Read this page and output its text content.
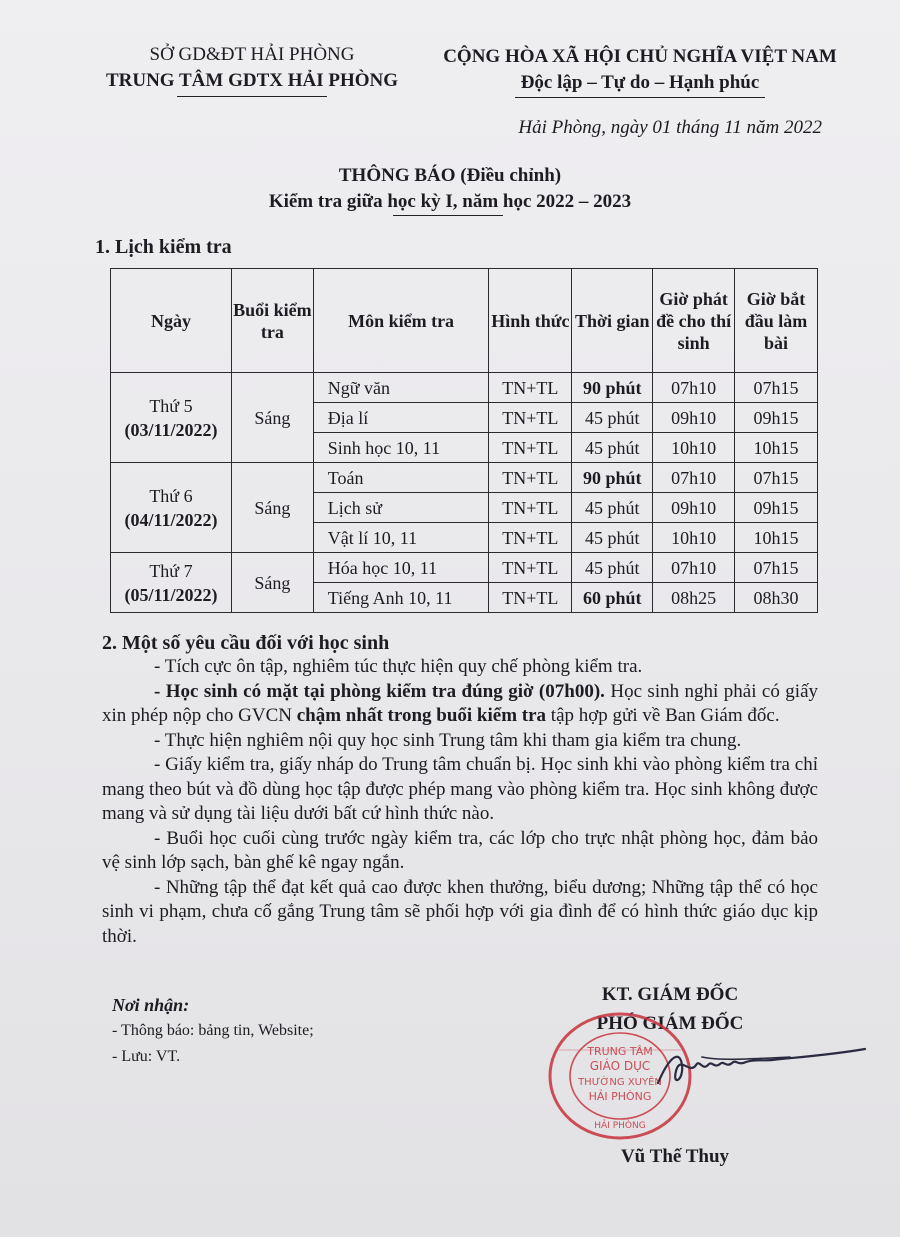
SỞ GD&ĐT HẢI PHÒNG
TRUNG TÂM GDTX HẢI PHÒNG
CỘNG HÒA XÃ HỘI CHỦ NGHĨA VIỆT NAM
Độc lập – Tự do – Hạnh phúc
Hải Phòng, ngày 01 tháng 11 năm 2022
THÔNG BÁO (Điều chỉnh)
Kiểm tra giữa học kỳ I, năm học 2022 – 2023
1. Lịch kiểm tra
Ngày	Buổi kiểm tra	Môn kiểm tra	Hình thức	Thời gian	Giờ phát đề cho thí sinh	Giờ bắt đầu làm bài

Thứ 5
(03/11/2022)	Sáng	Ngữ văn	TN+TL	90 phút	07h10	07h15
		Địa lí	TN+TL	45 phút	09h10	09h15
		Sinh học 10, 11	TN+TL	45 phút	10h10	10h15

Thứ 6
(04/11/2022)	Sáng	Toán	TN+TL	90 phút	07h10	07h15
		Lịch sử	TN+TL	45 phút	09h10	09h15
		Vật lí 10, 11	TN+TL	45 phút	10h10	10h15

Thứ 7
(05/11/2022)	Sáng	Hóa học 10, 11	TN+TL	45 phút	07h10	07h15
		Tiếng Anh 10, 11	TN+TL	60 phút	08h25	08h30
2. Một số yêu cầu đối với học sinh

- Tích cực ôn tập, nghiêm túc thực hiện quy chế phòng kiểm tra.

- Học sinh có mặt tại phòng kiểm tra đúng giờ (07h00). Học sinh nghỉ phải có giấy xin phép nộp cho GVCN chậm nhất trong buổi kiểm tra tập hợp gửi về Ban Giám đốc.

- Thực hiện nghiêm nội quy học sinh Trung tâm khi tham gia kiểm tra chung.

- Giấy kiểm tra, giấy nháp do Trung tâm chuẩn bị. Học sinh khi vào phòng kiểm tra chỉ mang theo bút và đồ dùng học tập được phép mang vào phòng kiểm tra. Học sinh không được mang và sử dụng tài liệu dưới bất cứ hình thức nào.

- Buổi học cuối cùng trước ngày kiểm tra, các lớp cho trực nhật phòng học, đảm bảo vệ sinh lớp sạch, bàn ghế kê ngay ngắn.

- Những tập thể đạt kết quả cao được khen thưởng, biểu dương; Những tập thể có học sinh vi phạm, chưa cố gắng Trung tâm sẽ phối hợp với gia đình để có hình thức giáo dục kịp thời.

Nơi nhận:
- Thông báo: bảng tin, Website;
- Lưu: VT.
KT. GIÁM ĐỐC
PHÓ GIÁM ĐỐC
TRUNG TÂM
GIÁO DỤC
THƯỜNG XUYÊN
HẢI PHÒNG
HẢI PHÒNG
Vũ Thế Thuy
